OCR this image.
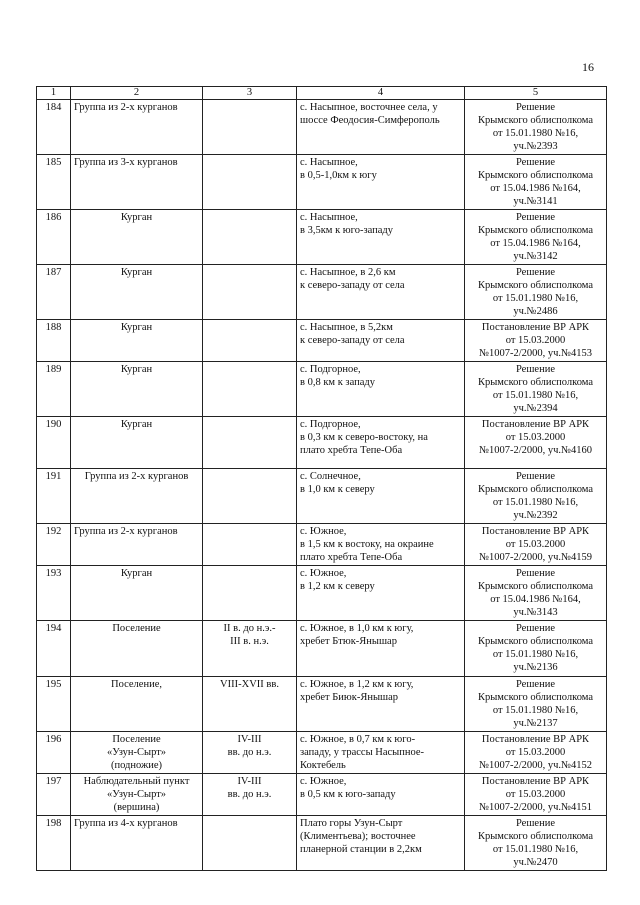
16
1	2	3	4	5
184	Группа из 2-х курганов		с. Насыпное, восточнее села, у
шоссе Феодосия-Симферополь	Решение
Крымского облисполкома
от 15.01.1980 №16,
уч.№2393

185	Группа из 3-х курганов		с. Насыпное,
в 0,5-1,0км к югу	Решение
Крымского облисполкома
от 15.04.1986 №164,
уч.№3141

186	Курган		с. Насыпное,
в 3,5км к юго-западу	Решение
Крымского облисполкома
от 15.04.1986 №164,
уч.№3142

187	Курган		с. Насыпное, в 2,6 км
к северо-западу от села	Решение
Крымского облисполкома
от 15.01.1980 №16,
уч.№2486

188	Курган		с. Насыпное, в 5,2км
к северо-западу от села	Постановление ВР АРК
от 15.03.2000
№1007-2/2000, уч.№4153

189	Курган		с. Подгорное,
в 0,8 км к западу	Решение
Крымского облисполкома
от 15.01.1980 №16,
уч.№2394

190	Курган		с. Подгорное,
в 0,3 км к северо-востоку, на
плато хребта Тепе-Оба	Постановление ВР АРК
от 15.03.2000
№1007-2/2000, уч.№4160

191	Группа из 2-х курганов		с. Солнечное,
в 1,0 км к северу	Решение
Крымского облисполкома
от 15.01.1980 №16,
уч.№2392

192	Группа из 2-х курганов		с. Южное,
в 1,5 км к востоку, на окраине
плато хребта Тепе-Оба	Постановление ВР АРК
от 15.03.2000
№1007-2/2000, уч.№4159

193	Курган		с. Южное,
в 1,2 км к северу	Решение
Крымского облисполкома
от 15.04.1986 №164,
уч.№3143

194	Поселение	II в. до н.э.-
III в. н.э.	с. Южное, в 1,0 км к югу,
хребет Бтюк-Янышар	Решение
Крымского облисполкома
от 15.01.1980 №16,
уч.№2136

195	Поселение,	VIII-XVII вв.	с. Южное, в 1,2 км к югу,
хребет Биюк-Янышар	Решение
Крымского облисполкома
от 15.01.1980 №16,
уч.№2137

196	Поселение
«Узун-Сырт»
(подножие)	IV-III
вв. до н.э.	с. Южное, в 0,7 км к юго-
западу, у трассы Насыпное-
Коктебель	Постановление ВР АРК
от 15.03.2000
№1007-2/2000, уч.№4152

197	Наблюдательный пункт
«Узун-Сырт»
(вершина)	IV-III
вв. до н.э.	с. Южное,
в 0,5 км к юго-западу	Постановление ВР АРК
от 15.03.2000
№1007-2/2000, уч.№4151

198	Группа из 4-х курганов		Плато горы Узун-Сырт
(Климентьева); восточнее
планерной станции в 2,2км	Решение
Крымского облисполкома
от 15.01.1980 №16,
уч.№2470
